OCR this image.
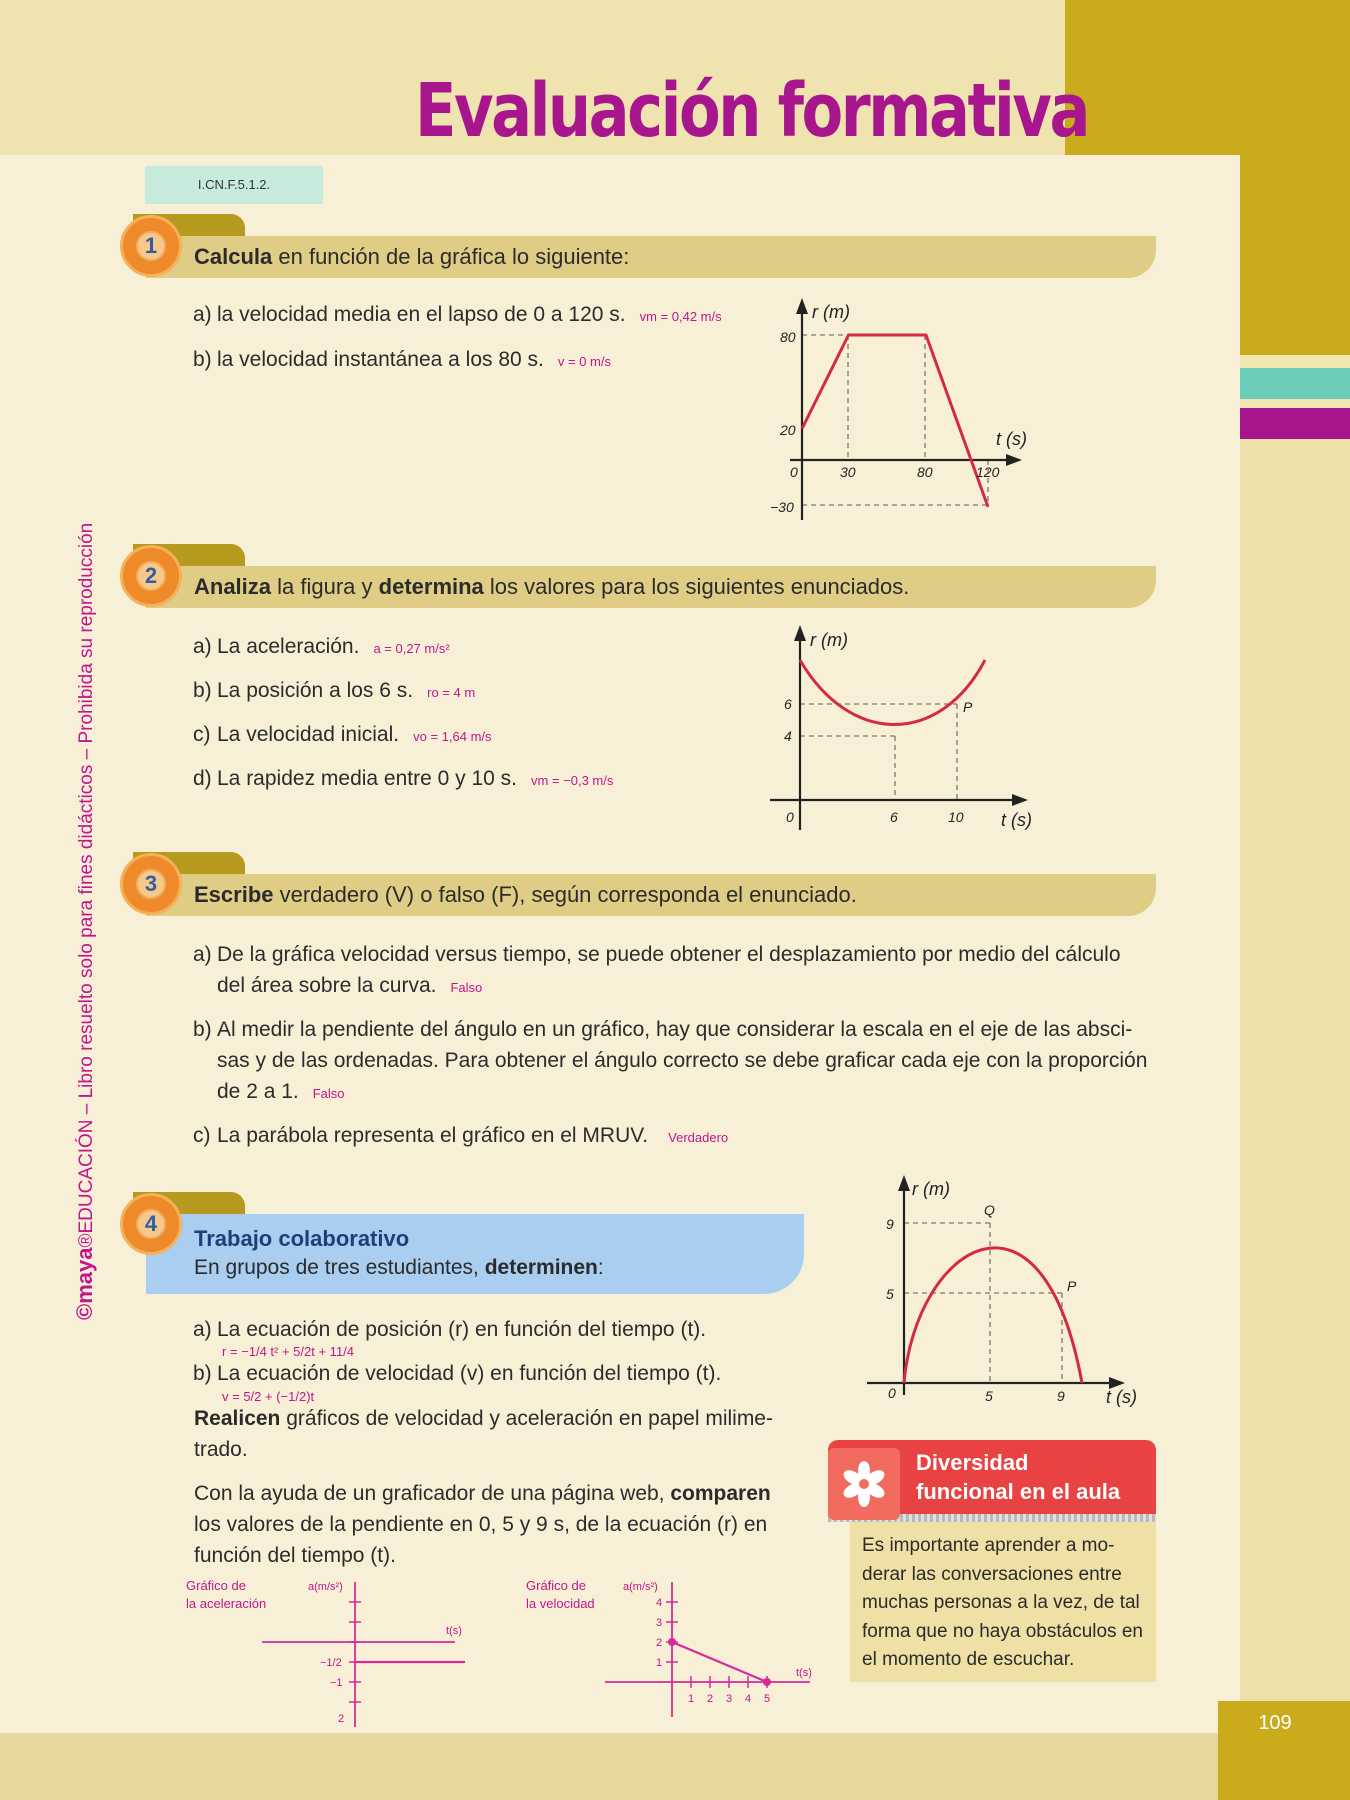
109
Evaluación formativa
I.CN.F.5.1.2.
©maya®EDUCACIÓN – Libro resuelto solo para fines didácticos – Prohibida su reproducción
Calcula en función de la gráfica lo siguiente:
1
a) la velocidad media en el lapso de 0 a 120 s. vm = 0,42 m/s
b) la velocidad instantánea a los 80 s. v = 0 m/s
r (m)
t (s)
80
20
−30
0	30	80	120
Analiza la figura y determina los valores para los siguientes enunciados.
2
a) La aceleración. a = 0,27 m/s²
b) La posición a los 6 s. ro = 4 m
c) La velocidad inicial. vo = 1,64 m/s
d) La rapidez media entre 0 y 10 s. vm = −0,3 m/s
r (m)
t (s)
6
4
0	6	10
P
Escribe verdadero (V) o falso (F), según corresponda el enunciado.
3
a) De la gráfica velocidad versus tiempo, se puede obtener el desplazamiento por medio del cálculo
del área sobre la curva. Falso
b) Al medir la pendiente del ángulo en un gráfico, hay que considerar la escala en el eje de las absci-
sas y de las ordenadas. Para obtener el ángulo correcto se debe graficar cada eje con la proporción
de 2 a 1. Falso
c) La parábola representa el gráfico en el MRUV. Verdadero
Trabajo colaborativo
En grupos de tres estudiantes, determinen:
4
a) La ecuación de posición (r) en función del tiempo (t).
r = −1/4 t² + 5/2t + 11/4
b) La ecuación de velocidad (v) en función del tiempo (t).
v = 5/2 + (−1/2)t
Realicen gráficos de velocidad y aceleración en papel milime-
trado.
Con la ayuda de un graficador de una página web, comparen
los valores de la pendiente en 0, 5 y 9 s, de la ecuación (r) en
función del tiempo (t).
r (m)
t (s)
9
5
0	5	9
Q
P
Gráfico de
la aceleración
a(m/s²)
t(s)
−1/2
−1
2
Gráfico de
la velocidad
a(m/s²)
t(s)
4
3
2
1
1 2 3 4 5
Diversidad
funcional en el aula
Es importante aprender a mo-
derar las conversaciones entre
muchas personas a la vez, de tal
forma que no haya obstáculos en
el momento de escuchar.
